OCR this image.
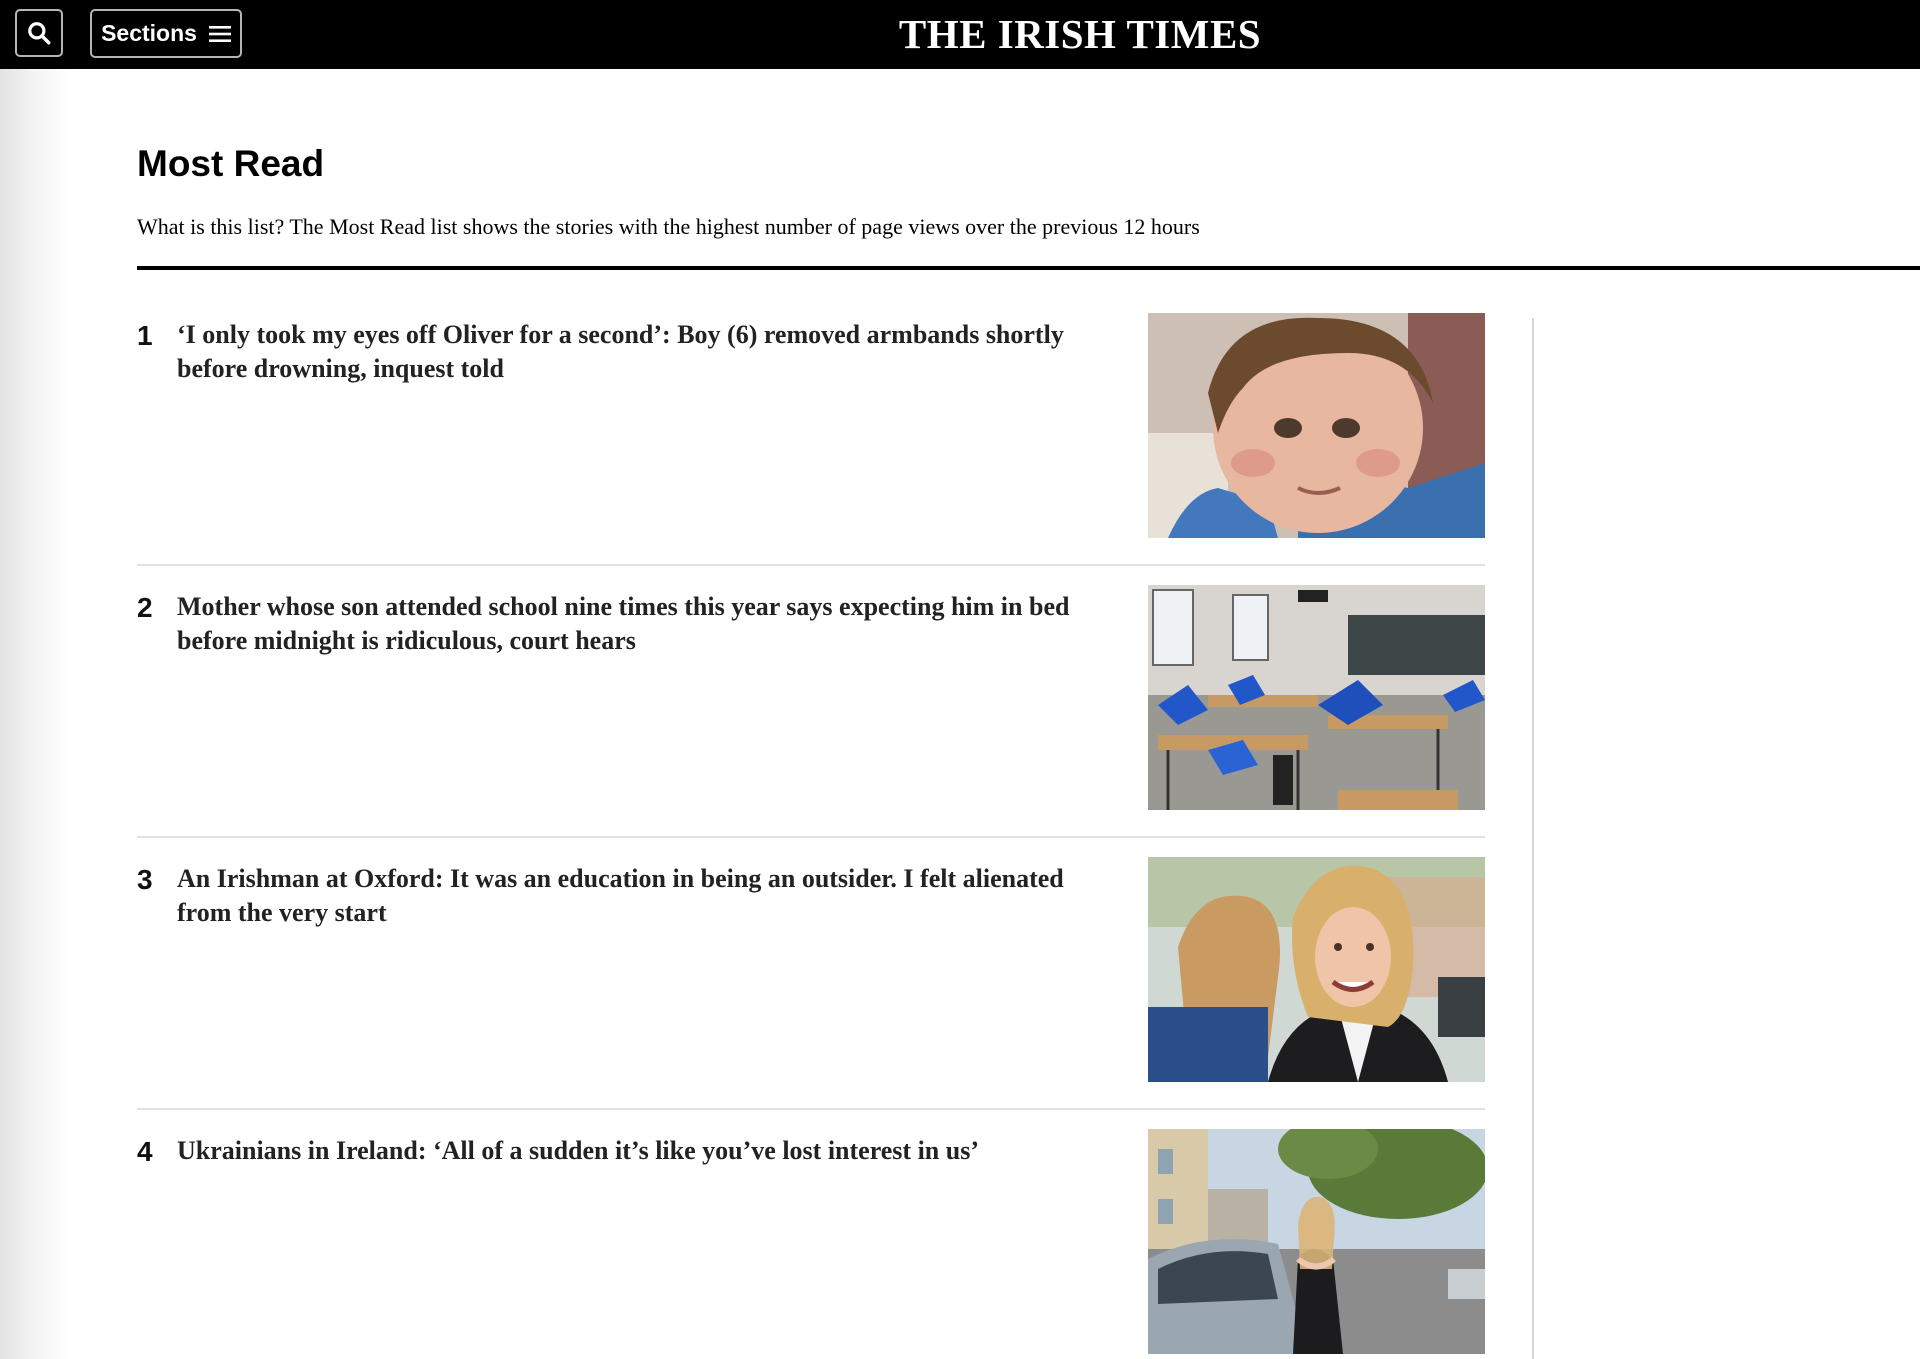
Sections	THE IRISH TIMES
Most Read
What is this list? The Most Read list shows the stories with the highest number of page views over the previous 12 hours
1 ‘I only took my eyes off Oliver for a second’: Boy (6) removed armbands shortly before drowning, inquest told
2 Mother whose son attended school nine times this year says expecting him in bed before midnight is ridiculous, court hears
3 An Irishman at Oxford: It was an education in being an outsider. I felt alienated from the very start
4 Ukrainians in Ireland: ‘All of a sudden it’s like you’ve lost interest in us’
